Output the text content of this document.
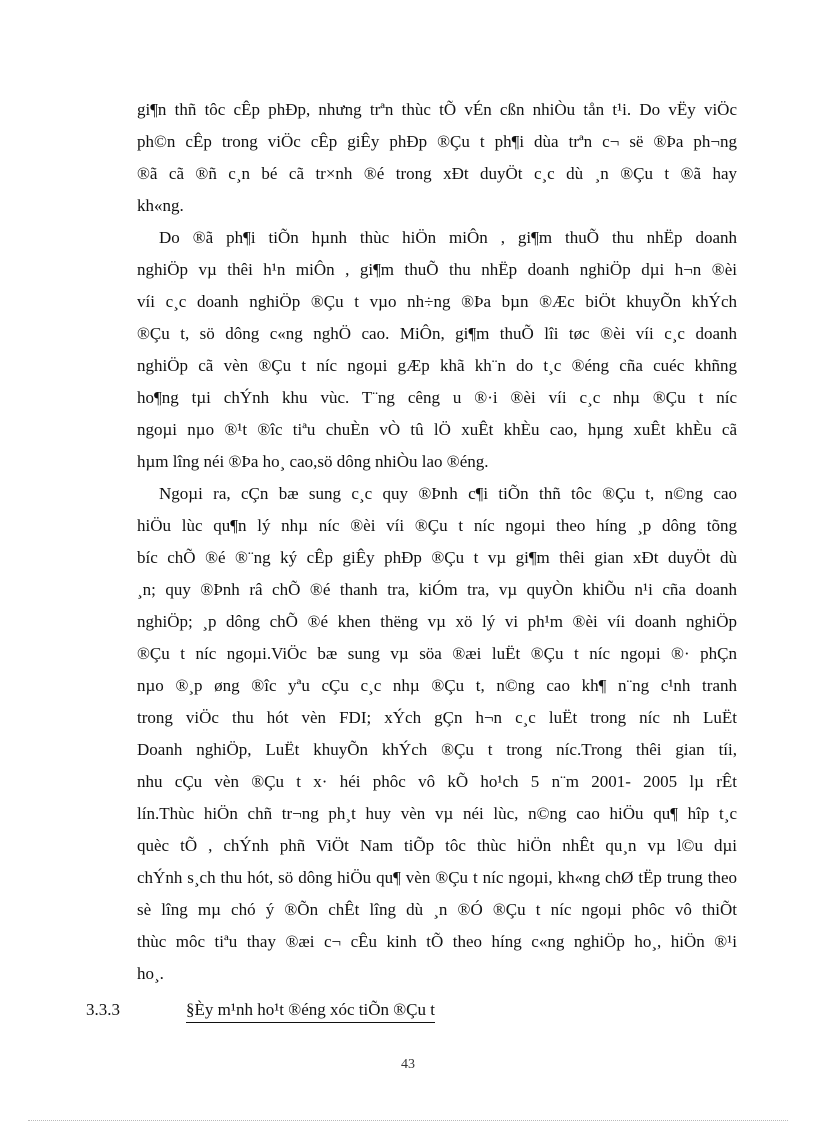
gi¶n thñ tôc cÊp phÐp, nhưng trªn thùc tÕ vÉn cßn nhiÒu tån t¹i. Do vËy viÖc
ph©n cÊp trong viÖc cÊp giÊy phÐp ®Çu t ph¶i dùa trªn c¬ së ®Þa ph¬ng
®ã cã ®ñ c¸n bé cã tr×nh ®é trong xÐt duyÖt c¸c dù ¸n ®Çu t ®ã hay
kh«ng.
Do ®ã ph¶i tiÕn hµnh thùc hiÖn miÔn , gi¶m thuÕ thu nhËp doanh
nghiÖp vµ thêi h¹n miÔn , gi¶m thuÕ thu nhËp doanh nghiÖp dµi h¬n ®èi
víi c¸c doanh nghiÖp ®Çu t vµo nh÷ng ®Þa bµn ®Æc biÖt khuyÕn khÝch
®Çu t, sö dông c«ng nghÖ cao. MiÔn, gi¶m thuÕ lîi tøc ®èi víi c¸c doanh
nghiÖp cã vèn ®Çu t níc ngoµi gÆp khã kh¨n do t¸c ®éng cña cuéc khñng
ho¶ng tµi chÝnh khu vùc. T¨ng cêng u ®·i ®èi víi c¸c nhµ ®Çu t níc
ngoµi nµo ®¹t ®îc tiªu chuÈn vÒ tû lÖ xuÊt khÈu cao, hµng xuÊt khÈu cã
hµm lîng néi ®Þa ho¸ cao,sö dông nhiÒu lao ®éng.
Ngoµi ra, cÇn bæ sung c¸c quy ®Þnh c¶i tiÕn thñ tôc ®Çu t, n©ng cao
hiÖu lùc qu¶n lý nhµ níc ®èi víi ®Çu t níc ngoµi theo híng ¸p dông tõng
bíc chÕ ®é ®¨ng ký cÊp giÊy phÐp ®Çu t vµ gi¶m thêi gian xÐt duyÖt dù
¸n; quy ®Þnh râ chÕ ®é thanh tra, kiÓm tra, vµ quyÒn khiÕu n¹i cña doanh
nghiÖp; ¸p dông chÕ ®é khen thëng vµ xö lý vi ph¹m ®èi víi doanh nghiÖp
®Çu t níc ngoµi.ViÖc bæ sung vµ söa ®æi luËt ®Çu t níc ngoµi ®· phÇn
nµo ®¸p øng ®îc yªu cÇu c¸c nhµ ®Çu t, n©ng cao kh¶ n¨ng c¹nh tranh
trong viÖc thu hót vèn FDI; xÝch gÇn h¬n c¸c luËt trong níc nh LuËt
Doanh nghiÖp, LuËt khuyÕn khÝch ®Çu t trong níc.Trong thêi gian tíi,
nhu cÇu vèn ®Çu t x· héi phôc vô kÕ ho¹ch 5 n¨m 2001- 2005 lµ rÊt
lín.Thùc hiÖn chñ tr¬ng ph¸t huy vèn vµ néi lùc, n©ng cao hiÖu qu¶ hîp t¸c
quèc tÕ , chÝnh phñ ViÖt Nam tiÕp tôc thùc hiÖn nhÊt qu¸n vµ l©u dµi
chÝnh s¸ch thu hót, sö dông hiÖu qu¶ vèn ®Çu t níc ngoµi, kh«ng chØ tËp trung theo
sè lîng mµ chó ý ®Õn chÊt lîng dù ¸n ®Ó ®Çu t níc ngoµi phôc vô thiÕt
thùc môc tiªu thay ®æi c¬ cÊu kinh tÕ theo híng c«ng nghiÖp ho¸, hiÖn ®¹i
ho¸.
3.3.3	§Èy m¹nh ho¹t ®éng xóc tiÕn ®Çu t
43
